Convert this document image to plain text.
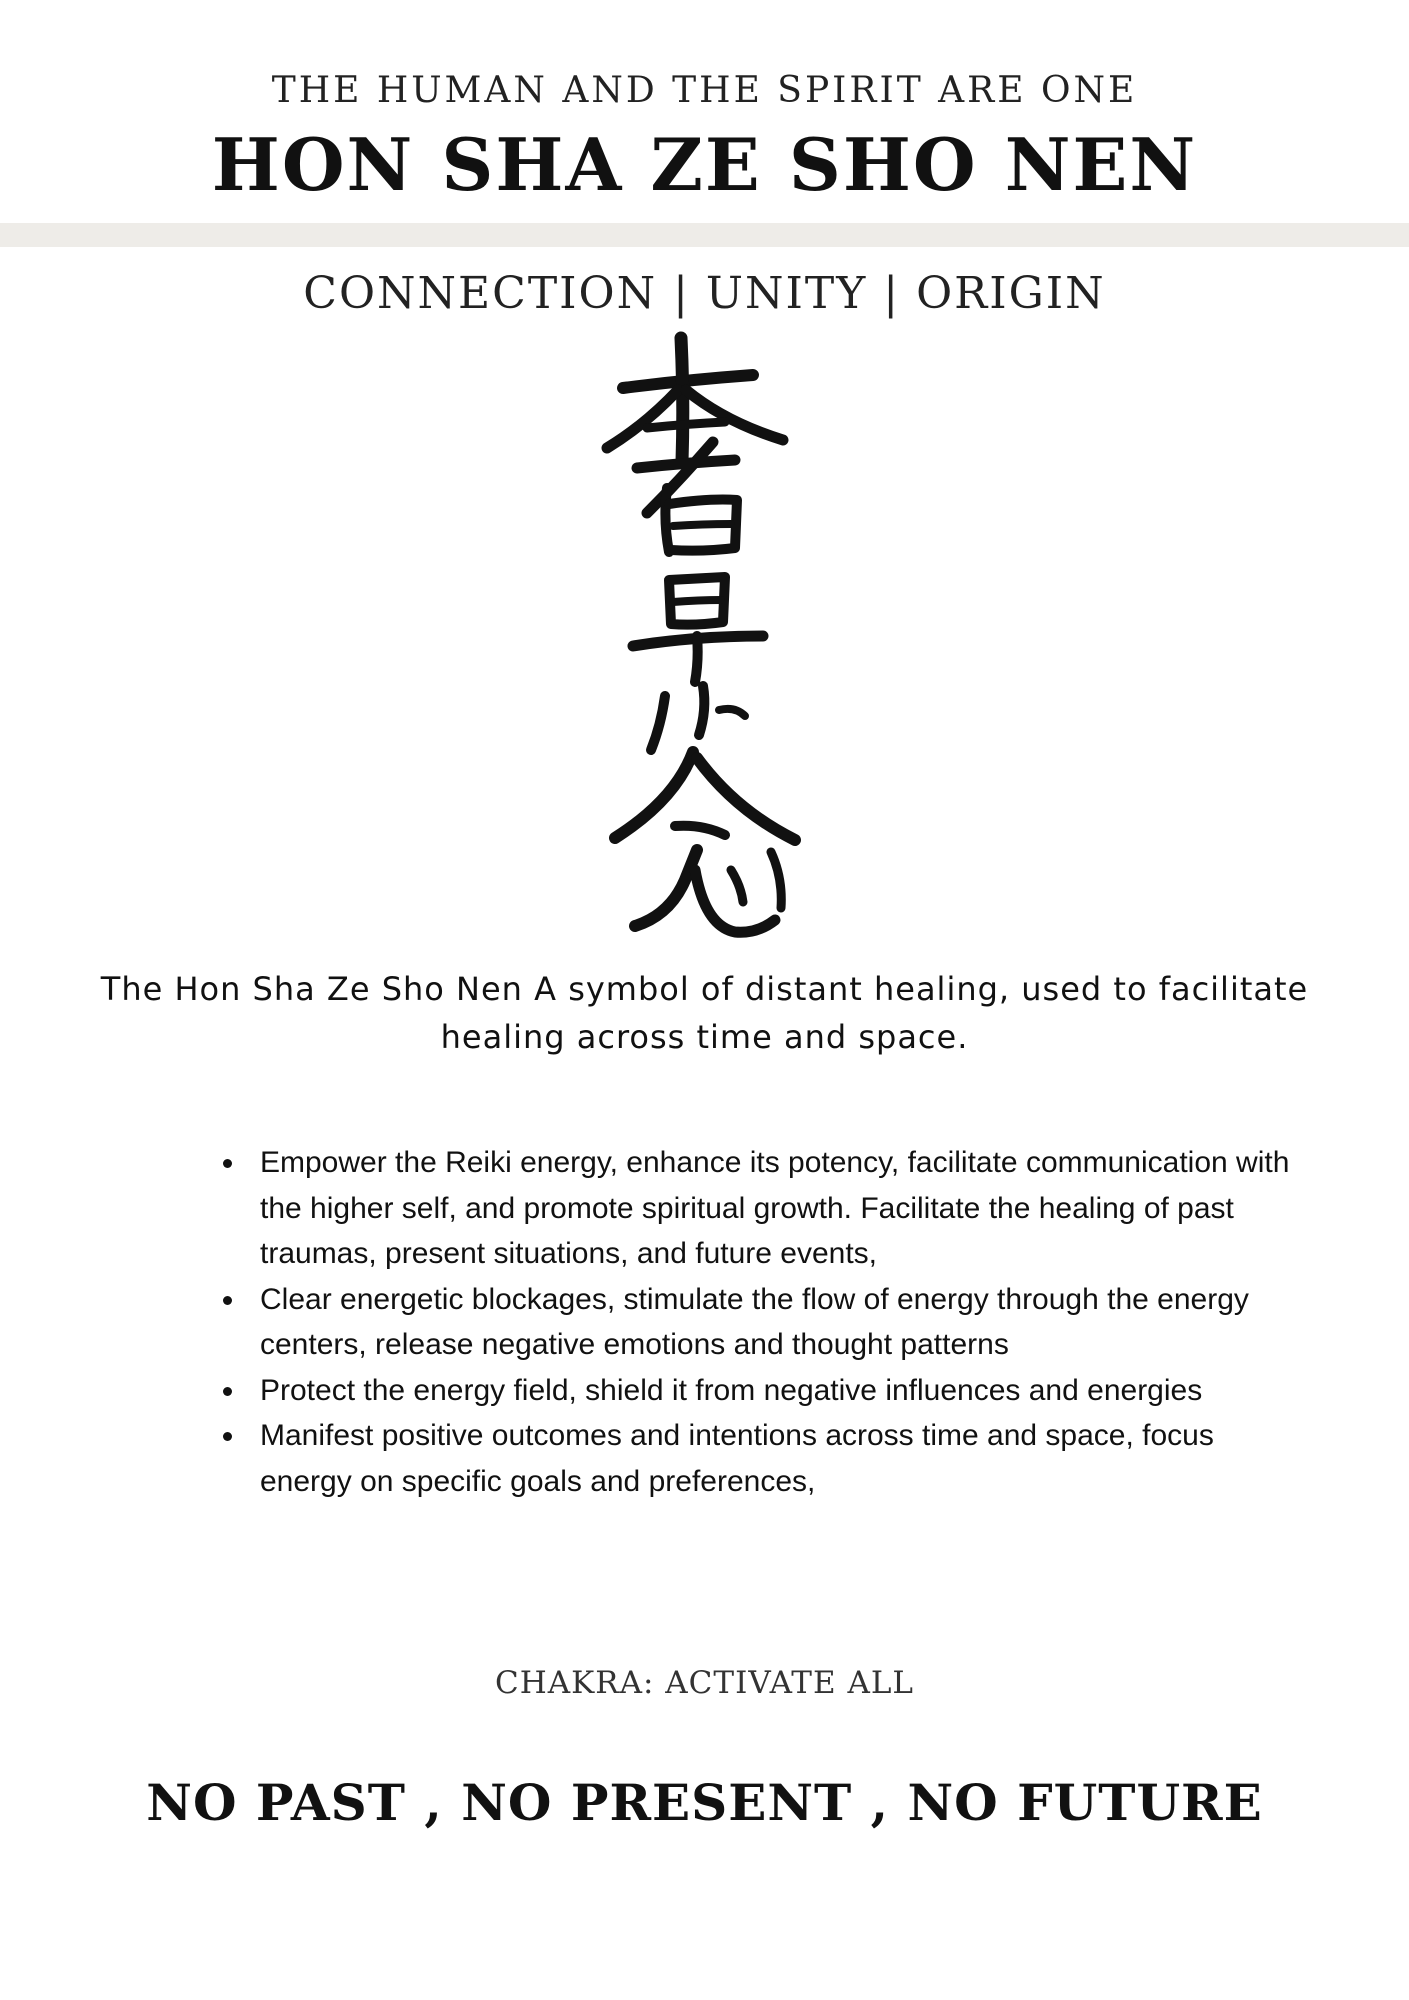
THE HUMAN AND THE SPIRIT ARE ONE
HON SHA ZE SHO NEN
CONNECTION | UNITY | ORIGIN
The Hon Sha Ze Sho Nen A symbol of distant healing, used to facilitate healing across time and space.
Empower the Reiki energy, enhance its potency, facilitate communication with the higher self, and promote spiritual growth. Facilitate the healing of past traumas, present situations, and future events,
Clear energetic blockages, stimulate the flow of energy through the energy centers, release negative emotions and thought patterns
Protect the energy field, shield it from negative influences and energies
Manifest positive outcomes and intentions across time and space, focus energy on specific goals and preferences,
CHAKRA: ACTIVATE ALL
NO PAST , NO PRESENT , NO FUTURE
